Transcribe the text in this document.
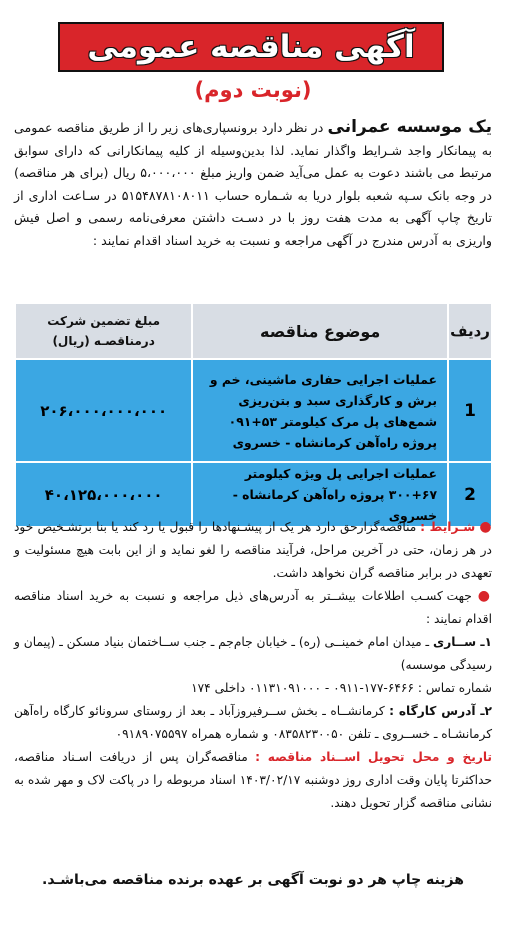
آگهی مناقصه عمومی
(نوبت دوم)
یک موسسه عمرانی در نظر دارد برونسپاری‌های زیر را از طریق مناقصه عمومی به پیمانکار واجد شـرایط واگذار نماید. لذا بدین‌وسیله از کلیه پیمانکارانی که دارای سوابق مرتبط می باشند دعوت به عمل می‌آید ضمن واریز مبلغ ۵،۰۰۰،۰۰۰ ریال (برای هر مناقصه) در وجه بانک سـپه شعبه بلوار دریا به شـماره حساب ۵۱۵۴۸۷۸۱۰۸۰۱۱ در سـاعت اداری از تاریخ چاپ آگهی به مدت هفت روز با در دسـت داشتن معرفی‌نامه رسمی و اصل فیش واریزی به آدرس مندرج در آگهی مراجعه و نسبت به خرید اسناد اقدام نمایند :
ردیف	موضوع مناقصه	مبلغ تضمین شرکت درمناقصـه (ریال)
1	عملیات اجرایی حفاری ماشینی، خم و برش و کارگذاری سبد و بتن‌ریزی شمع‌های پل مرک کیلومتر ۵۳+۰۹۱ پروژه راه‌آهن کرمانشاه - خسروی	۲۰۶،۰۰۰،۰۰۰،۰۰۰
2	عملیات اجرایی پل ویژه کیلومتر ۶۷+۳۰۰ پروژه راه‌آهن کرمانشاه - خسروی	۴۰،۱۲۵،۰۰۰،۰۰۰
● شـرایط : مناقصه‌گزارحق دارد هر یک از پیشـنهادها را قبول یا رد کند یا بنا برتشـخیص خود در هر زمان، حتی در آخرین مراحل، فرآیند مناقصه را لغو نماید و از این بابت هیچ مسئولیت و تعهدی در برابر مناقصه گران نخواهد داشت.
● جهت کسـب اطلاعات بیشــتر به آدرس‌های ذیل مراجعه و نسبت به خرید اسناد مناقصه اقدام نمایند :
۱ـ ســاری ـ میدان امام خمینــی (ره) ـ خیابان جام‌جم ـ جنب ســاختمان بنیاد مسکن ـ (پیمان و رسیدگی موسسه)
شماره تماس : ۶۴۶۶-۱۷۷-۰۹۱۱ - ۰۱۱۳۱۰۹۱۰۰۰ داخلی ۱۷۴
۲ـ آدرس کارگاه : کرمانشــاه ـ بخش ســرفیروزآباد ـ بعد از روستای سرونائو کارگاه راه‌آهن کرمانشـاه ـ خســروی ـ تلفن ۰۸۳۵۸۲۳۰۰۵۰ و شماره همراه ۰۹۱۸۹۰۷۵۵۹۷
تاریخ و محل تحویل اســناد مناقصه : مناقصه‌گران پس از دریافت اسـناد مناقصه، حداکثرتا پایان وقت اداری روز دوشنبه ۱۴۰۳/۰۲/۱۷ اسناد مربوطه را در پاکت لاک و مهر شده به نشانی مناقصه گزار تحویل دهند.
هزینه چاپ هر دو نوبت آگهی بر عهده برنده مناقصه می‌باشـد.
